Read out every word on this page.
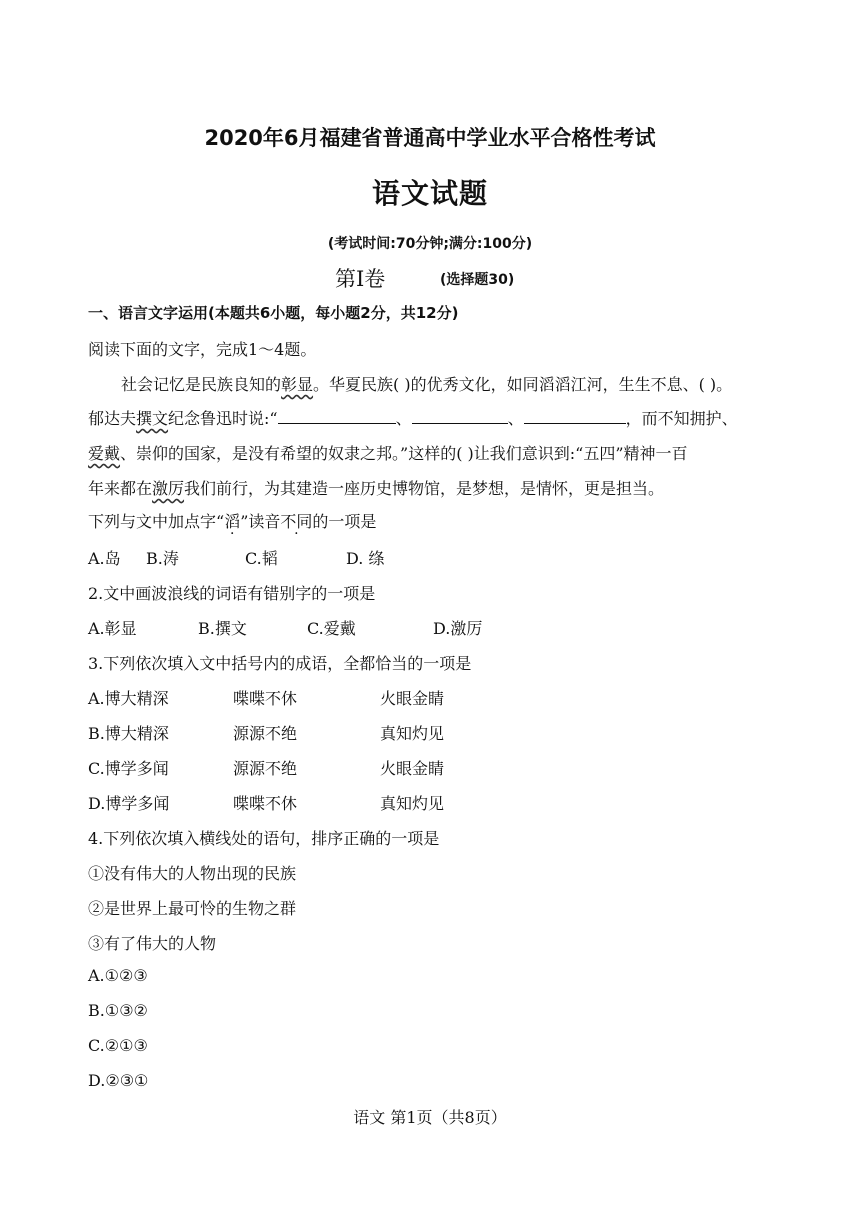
2020年6月福建省普通高中学业水平合格性考试
语文试题
(考试时间:70分钟;满分:100分)
第Ⅰ卷	(选择题30)
一、语言文字运用(本题共6小题，每小题2分，共12分)
阅读下面的文字，完成1～4题。
社会记忆是民族良知的彰显。华夏民族( )的优秀文化，如同滔滔江河，生生不息、( )。
郁达夫撰文纪念鲁迅时说:“	、	、	，而不知拥护、
爱戴、崇仰的国家，是没有希望的奴隶之邦。”这样的( )让我们意识到:“五四”精神一百
年来都在激厉我们前行，为其建造一座历史博物馆，是梦想，是情怀，更是担当。
下列与文中加点字“滔”读音不同的一项是
A.岛 B.涛	C.韬	D. 绦
2.文中画波浪线的词语有错别字的一项是
A.彰显	B.撰文	C.爱戴	D.激厉
3.下列依次填入文中括号内的成语，全都恰当的一项是
A.博大精深	喋喋不休	火眼金睛
B.博大精深	源源不绝	真知灼见
C.博学多闻	源源不绝	火眼金睛
D.博学多闻	喋喋不休	真知灼见
4.下列依次填入横线处的语句，排序正确的一项是
①没有伟大的人物出现的民族
②是世界上最可怜的生物之群
③有了伟大的人物
A.①②③
B.①③②
C.②①③
D.②③①
语文 第1页（共8页）
